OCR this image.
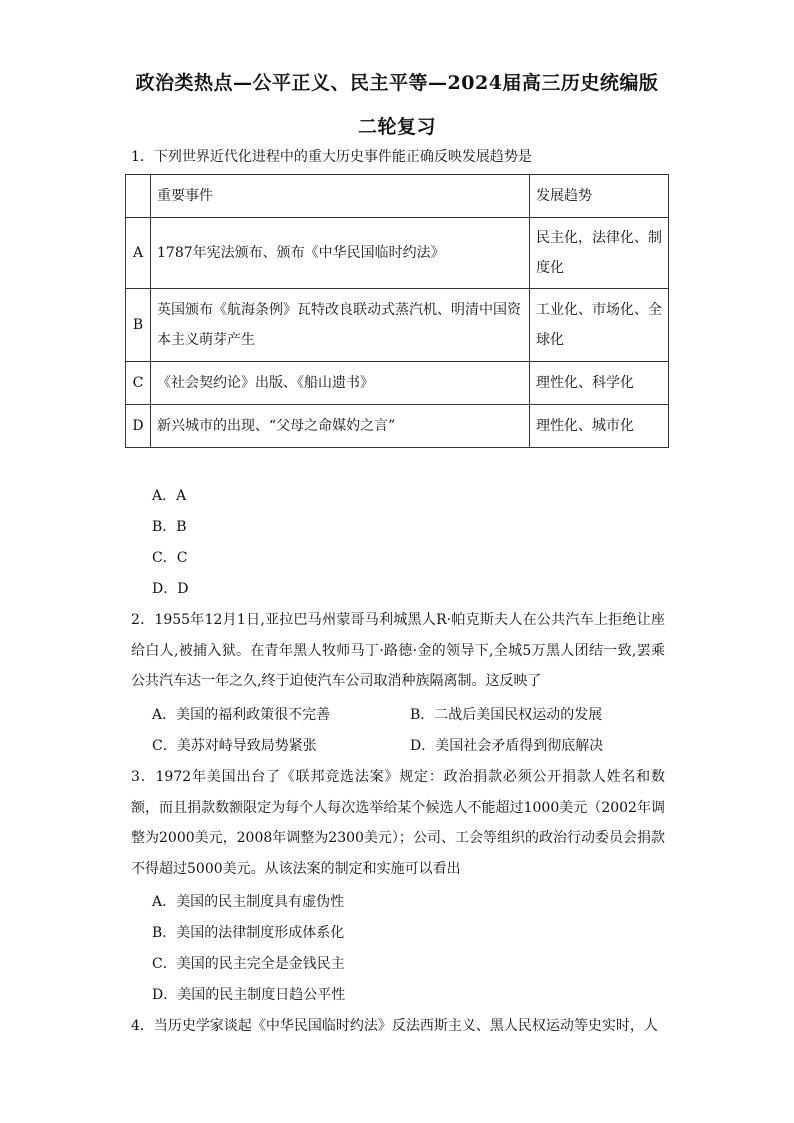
政治类热点—公平正义、民主平等—2024届高三历史统编版
二轮复习
1．下列世界近代化进程中的重大历史事件能正确反映发展趋势是
	重要事件	发展趋势
A	1787年宪法颁布、颁布《中华民国临时约法》	民主化，法律化、制度化
B	英国颁布《航海条例》瓦特改良联动式蒸汽机、明清中国资本主义萌芽产生	工业化、市场化、全球化
C	《社会契约论》出版、《船山遗书》	理性化、科学化
D	新兴城市的出现、“父母之命媒妁之言”	理性化、城市化
A．A
B．B
C．C
D．D
2．1955年12月1日,亚拉巴马州蒙哥马利城黑人R·帕克斯夫人在公共汽车上拒绝让座给白人,被捕入狱。在青年黑人牧师马丁·路德·金的领导下,全城5万黑人团结一致,罢乘公共汽车达一年之久,终于迫使汽车公司取消种族隔离制。这反映了
A．美国的福利政策很不完善	B．二战后美国民权运动的发展
C．美苏对峙导致局势紧张	D．美国社会矛盾得到彻底解决
3．1972年美国出台了《联邦竞选法案》规定：政治捐款必须公开捐款人姓名和数额，而且捐款数额限定为每个人每次选举给某个候选人不能超过1000美元（2002年调整为2000美元，2008年调整为2300美元）；公司、工会等组织的政治行动委员会捐款不得超过5000美元。从该法案的制定和实施可以看出
A．美国的民主制度具有虚伪性
B．美国的法律制度形成体系化
C．美国的民主完全是金钱民主
D．美国的民主制度日趋公平性
4．当历史学家谈起《中华民国临时约法》反法西斯主义、黑人民权运动等史实时，人
